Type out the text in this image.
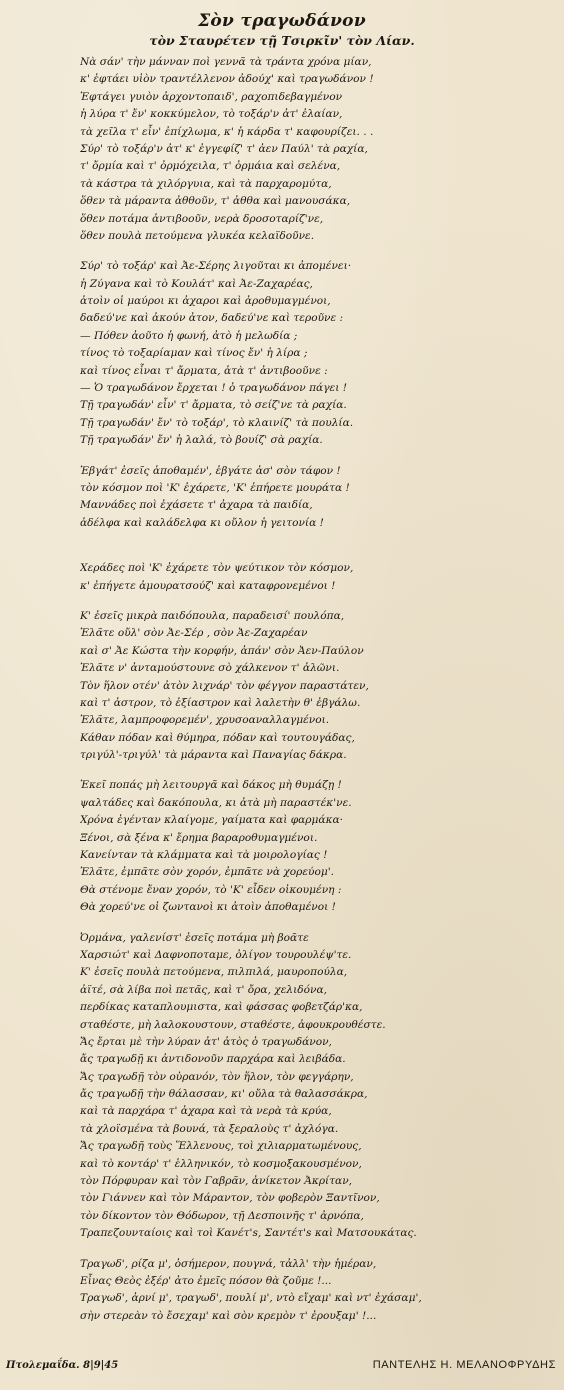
Σὸν τραγωδάνον
τὸν Σταυρέτεν τῇ Τσιρκῖν' τὸν Λίαν.
Νὰ σάν' τὴν μάνναν ποὶ γεννᾶ τὰ τράντα χρόνα μίαν,
κ' ἐφτάει υἱὸν τραντέλλενον ἀδούχ' καὶ τραγωδάνον !
Ἐφτάγει γυιὸν ἀρχοντοπαιδ', ραχοπιδεβαγμένον
ἡ λύρα τ' ἔν' κοκκύμελον, τὸ τοξάρ'ν ἀτ' ἐλαίαν,
τὰ χεῖλα τ' εἶν' ἐπίχλωμα, κ' ἡ κάρδα τ' καφουρίζει. . .
Σύρ' τὸ τοξάρ'ν ἀτ' κ' ἐγγεφίζ' τ' ἀεν Παύλ' τὰ ραχία,
τ' ὄρμία καὶ τ' ὀρμόχειλα, τ' ὀρμάια καὶ σελένα,
τὰ κάστρα τὰ χιλόργυια, καὶ τὰ παρχαρομύτα,
ὅθεν τὰ μάραντα ἀθθοῦν, τ' ἀθθα καὶ μανουσάκα,
ὅθεν ποτάμα ἀντιβοοῦν, νερὰ δροσοταρίζ'νε,
ὅθεν πουλὰ πετούμενα γλυκέα κελαϊδοῦνε.
Σύρ' τὸ τοξάρ' καὶ Ἀε-Σέρης λιγοῦται κι ἀπομένει·
ἡ Ζύγανα καὶ τὸ Κουλάτ' καὶ Ἀε-Ζαχαρέας,
ἀτοὶν οἱ μαύροι κι ἀχαροι καὶ ἀροθυμαγμένοι,
δαδεύ'νε καὶ ἀκούν ἀτον, δαδεύ'νε καὶ τεροῦνε :
— Πόθεν ἀοῦτο ἡ φωνή, ἀτὸ ἡ μελωδία ;
τίνος τὸ τοξαρίαμαν καὶ τίνος ἔν' ἡ λίρα ;
καὶ τίνος εἶναι τ' ἄρματα, ἀτὰ τ' ἀντιβοοῦνε :
— Ὁ τραγωδάνον ἔρχεται ! ὁ τραγωδάνον πάγει !
Τῇ τραγωδάν' εἶν' τ' ἄρματα, τὸ σείζ'νε τὰ ραχία.
Τῇ τραγωδάν' ἔν' τὸ τοξάρ', τὸ κλαινίζ' τὰ πουλία.
Τῇ τραγωδάν' ἔν' ἡ λαλά, τὸ βουίζ' σὰ ραχία.
Ἐβγάτ' ἐσεῖς ἀποθαμέν', ἐβγάτε ἀσ' σὸν τάφον !
τὸν κόσμον ποὶ 'Κ' ἐχάρετε, 'Κ' ἐπήρετε μουράτα !
Μαννάδες ποὶ ἐχάσετε τ' ἀχαρα τὰ παιδία,
ἀδέλφα καὶ καλάδελφα κι οὔλον ἡ γειτονία !
Χεράδες ποὶ 'Κ' ἐχάρετε τὸν ψεύτικον τὸν κόσμον,
κ' ἐπήγετε ἀμουρατσούζ' καὶ καταφρονεμένοι !
Κ' ἐσεῖς μικρὰ παιδόπουλα, παραδεισί' πουλόπα,
Ἐλᾶτε οὔλ' σὸν Ἀε-Σέρ , σὸν Ἀε-Ζαχαρέαν
καὶ σ' Ἀε Κώστα τὴν κορφήν, ἀπάν' σὸν Ἀεν-Παύλον
Ἐλᾶτε ν' ἀνταμούστουνε σὸ χάλκενον τ' ἀλῶνι.
Τὸν ἥλον οτέν' ἀτὸν λιχνάρ' τὸν φέγγον παραστάτεν,
καὶ τ' ἀστρον, τὸ ἐξίαστρον καὶ λαλετὴν θ' ἐβγάλω.
Ἐλᾶτε, λαμπροφορεμέν', χρυσοαναλλαγμένοι.
Κάθαν πόδαν καὶ θύμηρα, πόδαν καὶ τουτουγάδας,
τριγύλ'-τριγύλ' τὰ μάραντα καὶ Παναγίας δάκρα.
Ἐκεῖ ποπάς μὴ λειτουργᾶ καὶ δάκος μὴ θυμάζῃ !
ψαλτάδες καὶ δακόπουλα, κι ἀτὰ μὴ παραστέκ'νε.
Χρόνα ἐγένταν κλαίγομε, γαίματα καὶ φαρμάκα·
Ξένοι, σὰ ξένα κ' ἔρημα βαραροθυμαγμένοι.
Κανείνταν τὰ κλάμματα καὶ τὰ μοιρολογίας !
Ἐλᾶτε, ἐμπᾶτε σὸν χορόν, ἐμπᾶτε νὰ χορεύομ'.
Θὰ στένομε ἔναν χορόν, τὸ 'Κ' εἶδεν οἰκουμένη :
Θὰ χορεύ'νε οἱ ζωντανοὶ κι ἀτοὶν ἀποθαμένοι !
Ὀρμάνα, γαλενίστ' ἐσεῖς ποτάμα μὴ βοᾶτε
Χαρσιώτ' καὶ Δαφνοποταμε, ὀλίγον τουρουλέψ'τε.
Κ' ἐσεῖς πουλὰ πετούμενα, πιλπιλά, μαυροπούλα,
ἀϊτέ, σὰ λίβα ποὶ πετᾶς, καὶ τ' ὄρα, χελιδόνα,
περδίκας καταπλουμιστα, καὶ φάσσας φοβετζάρ'κα,
σταθέστε, μὴ λαλοκουστουν, σταθέστε, ἀφουκρουθέστε.
Ἄς ἔρται μὲ τὴν λύραν ἀτ' ἀτὸς ὁ τραγωδάνον,
ἄς τραγωδῇ κι ἀντιδονοῦν παρχάρα καὶ λειβάδα.
Ἄς τραγωδῇ τὸν οὐρανόν, τὸν ἥλον, τὸν φεγγάρην,
ἄς τραγωδῇ τὴν θάλασσαν, κι' οὔλα τὰ θαλασσάκρα,
καὶ τὰ παρχάρα τ' ἀχαρα καὶ τὰ νερὰ τὰ κρύα,
τὰ χλοϊσμένα τὰ βουνά, τὰ ξεραλοὺς τ' ἀχλόγα.
Ἄς τραγωδῇ τοὺς Ἕλλενους, τοὶ χιλιαρματωμένους,
καὶ τὸ κοντάρ' τ' ἑλληνικόν, τὸ κοσμοξακουσμένον,
τὸν Πόρφυραν καὶ τὸν Γαβρᾶν, ἀνίκετον Ἀκρίταν,
τὸν Γιάννεν καὶ τὸν Μάραντον, τὸν φοβερὸν Ξαντῖνον,
τὸν δίκοντον τὸν Θόδωρον, τῇ Δεσποινῆς τ' ἀρνόπα,
Τραπεζουνταίοις καὶ τοὶ Κανέτ's, Σαντέτ's καὶ Ματσουκάτας.
Τραγωδ', ρίζα μ', ὀσήμερον, πουγνά, τἀλλ' τὴν ἡμέραν,
Εἶνας Θεὸς ἐξέρ' ἀτο ἐμεῖς πόσον θὰ ζοῦμε !...
Τραγωδ', ἀρνί μ', τραγωδ', πουλί μ', ντὸ εἴχαμ' καὶ ντ' ἐχάσαμ',
σὴν στερεὰν τὸ ἔσεχαμ' καὶ σὸν κρεμὸν τ' ἐρουξαμ' !...
Πτολεμαΐδα. 8|9|45	ΠΑΝΤΕΛΗΣ Η. ΜΕΛΑΝΟΦΡΥΔΗΣ
